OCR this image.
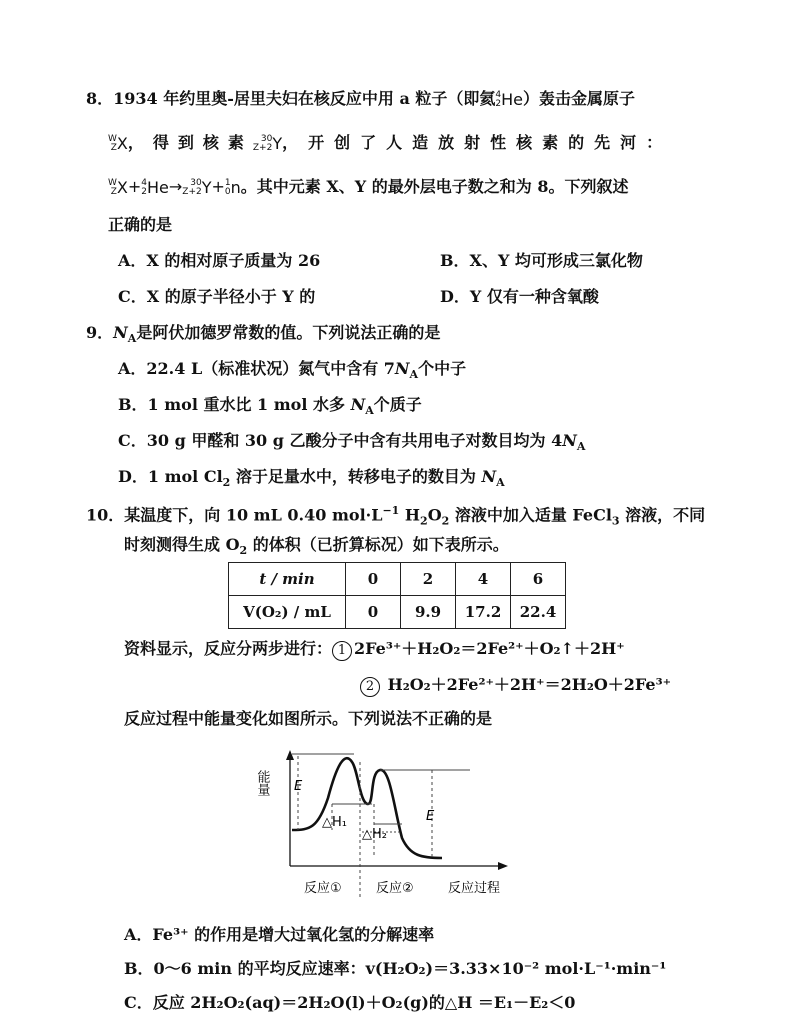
8．1934 年约里奥-居里夫妇在核反应中用 a 粒子（即氦4
2He）轰击金属原子
W
ZX，得到核素 30
Z+2Y，开创了人造放射性核素的先河：
W
ZX+4
2He→ 30
Z+2Y+1
0n。其中元素 X、Y 的最外层电子数之和为 8。下列叙述
正确的是
A．X 的相对原子质量为 26	B．X、Y 均可形成三氯化物
C．X 的原子半径小于 Y 的	D．Y 仅有一种含氧酸
9．$N_A$是阿伏加德罗常数的值。下列说法正确的是
A．22.4 L（标准状况）氮气中含有 $7N_A$个中子
B．1 mol 重水比 1 mol 水多 $N_A$个质子
C．30 g 甲醛和 30 g 乙酸分子中含有共用电子对数目均为 $4N_A$
D．1 mol $Cl_2$ 溶于足量水中，转移电子的数目为 $N_A$
10．某温度下，向 10 mL 0.40 $mol\cdot L^{-1}$ $H_2O_2$ 溶液中加入适量 FeCl$_3$ 溶液，不同
时刻测得生成 $O_2$ 的体积（已折算标况）如下表所示。
t / min	0	2	4	6
V(O₂) / mL	0	9.9	17.2	22.4
资料显示，反应分两步进行： 1 2Fe³⁺＋H₂O₂＝2Fe²⁺＋O₂↑＋2H⁺
2 H₂O₂＋2Fe²⁺＋2H⁺＝2H₂O＋2Fe³⁺
反应过程中能量变化如图所示。下列说法不正确的是
能量 E
△H₁
△H₂
E
反应①	反应②	反应过程
A．Fe³⁺ 的作用是增大过氧化氢的分解速率
B．0～6 min 的平均反应速率：v(H₂O₂)＝3.33×10⁻² mol·L⁻¹·min⁻¹
C．反应 2H₂O₂(aq)＝2H₂O(l)＋O₂(g)的△H ＝E₁－E₂＜0
